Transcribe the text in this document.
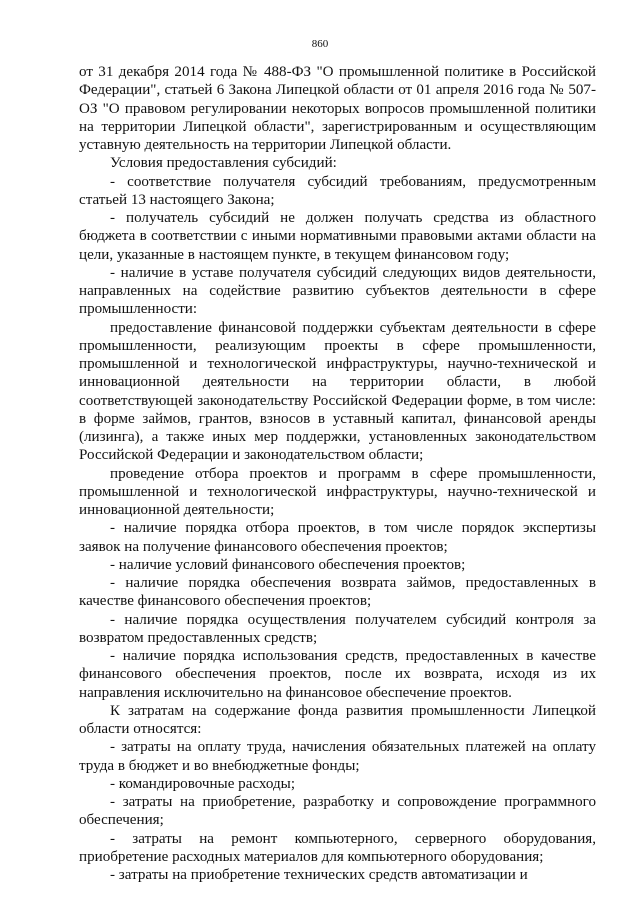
860

от 31 декабря 2014 года № 488-ФЗ "О промышленной политике в Российской Федерации", статьей 6 Закона Липецкой области от 01 апреля 2016 года № 507-ОЗ "О правовом регулировании некоторых вопросов промышленной политики на территории Липецкой области", зарегистрированным и осуществляющим уставную деятельность на территории Липецкой области.

Условия предоставления субсидий:

- соответствие получателя субсидий требованиям, предусмотренным статьей 13 настоящего Закона;

- получатель субсидий не должен получать средства из областного бюджета в соответствии с иными нормативными правовыми актами области на цели, указанные в настоящем пункте, в текущем финансовом году;

- наличие в уставе получателя субсидий следующих видов деятельности, направленных на содействие развитию субъектов деятельности в сфере промышленности:

предоставление финансовой поддержки субъектам деятельности в сфере промышленности, реализующим проекты в сфере промышленности, промышленной и технологической инфраструктуры, научно-технической и инновационной деятельности на территории области, в любой соответствующей законодательству Российской Федерации форме, в том числе: в форме займов, грантов, взносов в уставный капитал, финансовой аренды (лизинга), а также иных мер поддержки, установленных законодательством Российской Федерации и законодательством области;

проведение отбора проектов и программ в сфере промышленности, промышленной и технологической инфраструктуры, научно-технической и инновационной деятельности;

- наличие порядка отбора проектов, в том числе порядок экспертизы заявок на получение финансового обеспечения проектов;

- наличие условий финансового обеспечения проектов;

- наличие порядка обеспечения возврата займов, предоставленных в качестве финансового обеспечения проектов;

- наличие порядка осуществления получателем субсидий контроля за возвратом предоставленных средств;

- наличие порядка использования средств, предоставленных в качестве финансового обеспечения проектов, после их возврата, исходя из их направления исключительно на финансовое обеспечение проектов.

К затратам на содержание фонда развития промышленности Липецкой области относятся:

- затраты на оплату труда, начисления обязательных платежей на оплату труда в бюджет и во внебюджетные фонды;

- командировочные расходы;

- затраты на приобретение, разработку и сопровождение программного обеспечения;

- затраты на ремонт компьютерного, серверного оборудования, приобретение расходных материалов для компьютерного оборудования;

- затраты на приобретение технических средств автоматизации и
